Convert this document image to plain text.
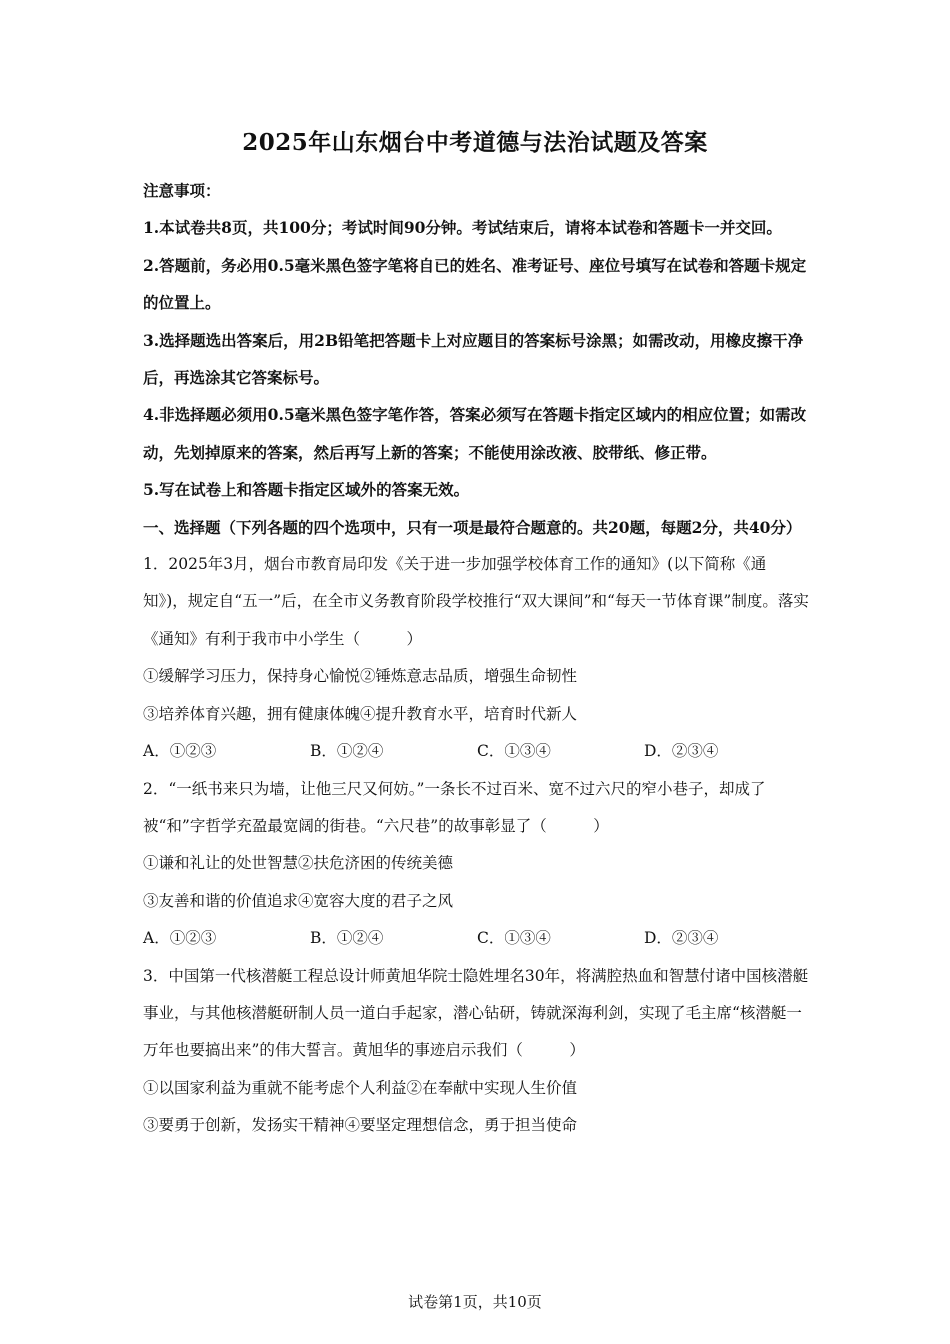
2025年山东烟台中考道德与法治试题及答案

注意事项：

1.本试卷共8页，共100分；考试时间90分钟。考试结束后，请将本试卷和答题卡一并交回。

2.答题前，务必用0.5毫米黑色签字笔将自已的姓名、准考证号、座位号填写在试卷和答题卡规定的位置上。

3.选择题选出答案后，用2B铅笔把答题卡上对应题目的答案标号涂黑；如需改动，用橡皮擦干净后，再选涂其它答案标号。

4.非选择题必须用0.5毫米黑色签字笔作答，答案必须写在答题卡指定区域内的相应位置；如需改动，先划掉原来的答案，然后再写上新的答案；不能使用涂改液、胶带纸、修正带。

5.写在试卷上和答题卡指定区域外的答案无效。

一、选择题（下列各题的四个选项中，只有一项是最符合题意的。共20题，每题2分，共40分）

1．2025年3月，烟台市教育局印发《关于进一步加强学校体育工作的通知》(以下简称《通知》)，规定自“五一”后，在全市义务教育阶段学校推行“双大课间”和“每天一节体育课”制度。落实《通知》有利于我市中小学生（　　　）

①缓解学习压力，保持身心愉悦②锤炼意志品质，增强生命韧性

③培养体育兴趣，拥有健康体魄④提升教育水平，培育时代新人

A．①②③	B．①②④	C．①③④	D．②③④

2．“一纸书来只为墙，让他三尺又何妨。”一条长不过百米、宽不过六尺的窄小巷子，却成了被“和”字哲学充盈最宽阔的街巷。“六尺巷”的故事彰显了（　　　）

①谦和礼让的处世智慧②扶危济困的传统美德

③友善和谐的价值追求④宽容大度的君子之风

A．①②③	B．①②④	C．①③④	D．②③④

3．中国第一代核潜艇工程总设计师黄旭华院士隐姓埋名30年，将满腔热血和智慧付诸中国核潜艇事业，与其他核潜艇研制人员一道白手起家，潜心钻研，铸就深海利剑，实现了毛主席“核潜艇一万年也要搞出来”的伟大誓言。黄旭华的事迹启示我们（　　　）

①以国家利益为重就不能考虑个人利益②在奉献中实现人生价值

③要勇于创新，发扬实干精神④要坚定理想信念，勇于担当使命

试卷第1页，共10页
